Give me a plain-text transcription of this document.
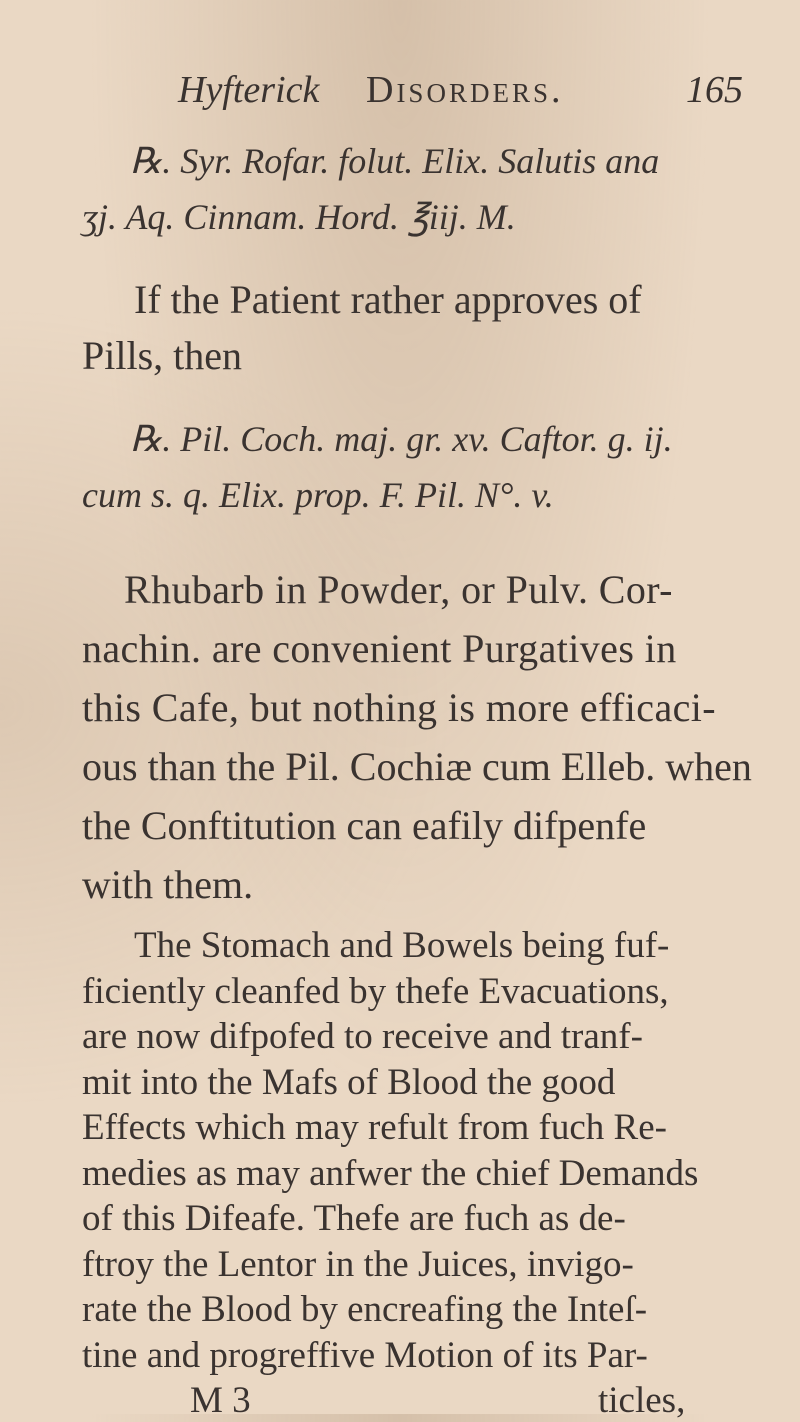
Hyfterick Disorders.	165
℞. Syr. Rofar. folut. Elix. Salutis ana
ʒj. Aq. Cinnam. Hord. ℥iij. M.
If the Patient rather approves of
Pills, then
℞. Pil. Coch. maj. gr. xv. Caftor. g. ij.
cum s. q. Elix. prop. F. Pil. N°. v.
Rhubarb in Powder, or Pulv. Cor-
nachin. are convenient Purgatives in
this Cafe, but nothing is more efficaci-
ous than the Pil. Cochiæ cum Elleb. when
the Conftitution can eafily difpenfe
with them.
The Stomach and Bowels being fuf-
ficiently cleanfed by thefe Evacuations,
are now difpofed to receive and tranf-
mit into the Mafs of Blood the good
Effects which may refult from fuch Re-
medies as may anfwer the chief Demands
of this Difeafe. Thefe are fuch as de-
ftroy the Lentor in the Juices, invigo-
rate the Blood by encreafing the Inteſ-
tine and progreffive Motion of its Par-
M 3	ticles,
